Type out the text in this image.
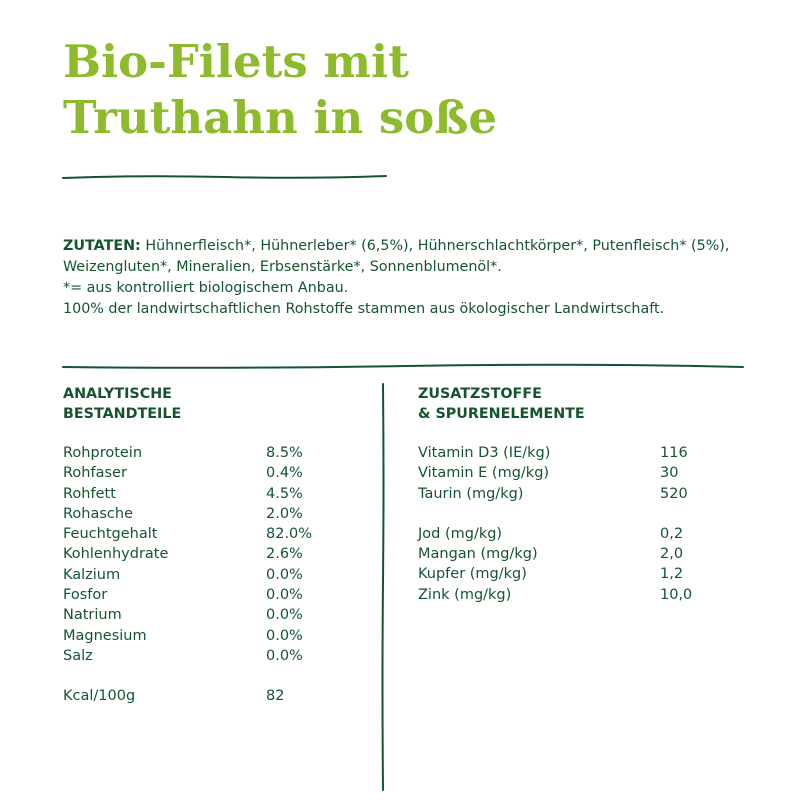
Bio-Filets mit
Truthahn in soße

ZUTATEN: Hühnerfleisch*, Hühnerleber* (6,5%), Hühnerschlachtkörper*, Putenfleisch* (5%), Weizengluten*, Mineralien, Erbsenstärke*, Sonnenblumenöl*.

*= aus kontrolliert biologischem Anbau.

100% der landwirtschaftlichen Rohstoffe stammen aus ökologischer Landwirtschaft.

ANALYTISCHE
BESTANDTEILE
Rohprotein	8.5%
Rohfaser	0.4%
Rohfett	4.5%
Rohasche	2.0%
Feuchtgehalt	82.0%
Kohlenhydrate	2.6%
Kalzium	0.0%
Fosfor	0.0%
Natrium	0.0%
Magnesium	0.0%
Salz	0.0%
Kcal/100g	82
ZUSATZSTOFFE
& SPURENELEMENTE
Vitamin D3 (IE/kg)	116
Vitamin E (mg/kg)	30
Taurin (mg/kg)	520
Jod (mg/kg)	0,2
Mangan (mg/kg)	2,0
Kupfer (mg/kg)	1,2
Zink (mg/kg)	10,0
